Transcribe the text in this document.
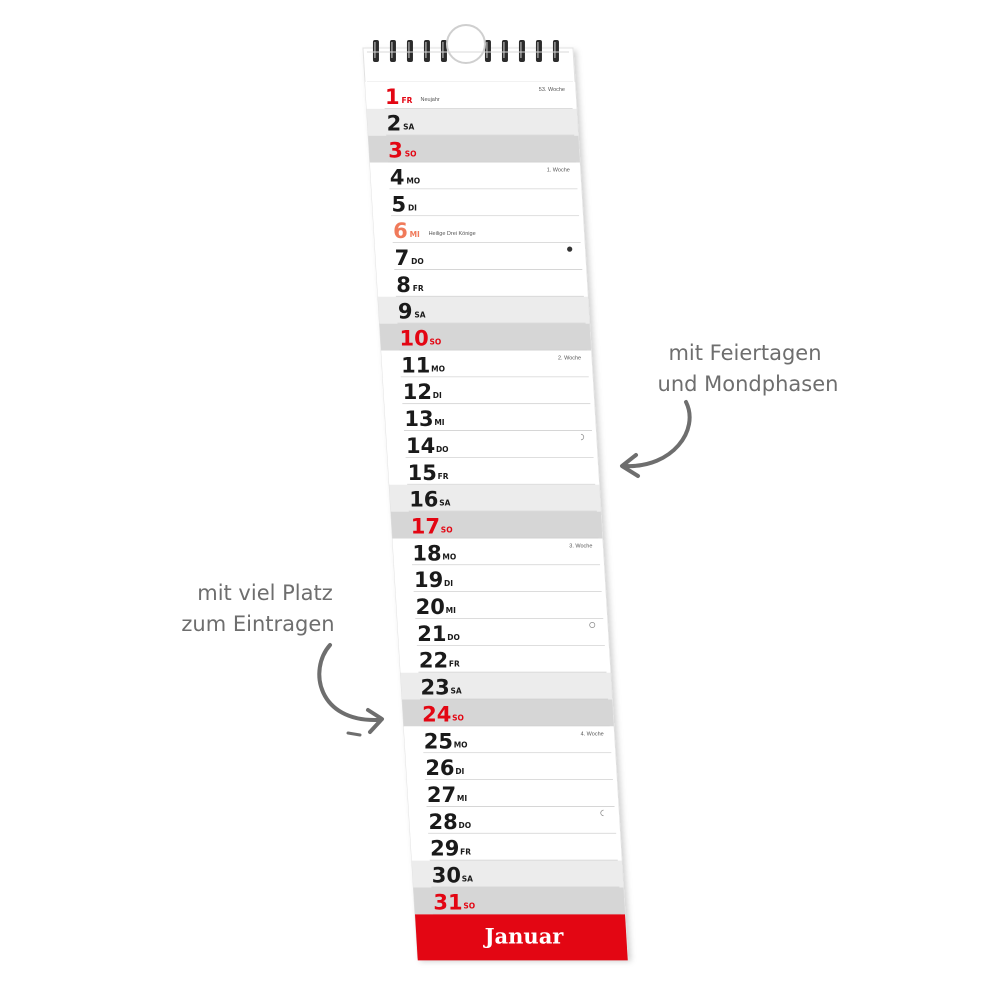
1 FR Neujahr
53. Woche
2 SA
3 SO
4 MO
1. Woche
5 DI
6 MI Heilige Drei Könige
7 DO
8 FR
9 SA
10 SO
11 MO
2. Woche
12 DI
13 MI
14 DO
15 FR
16 SA
17 SO
18 MO
3. Woche
19 DI
20 MI
21 DO
22 FR
23 SA
24 SO
25 MO
4. Woche
26 DI
27 MI
28 DO
29 FR
30 SA
31 SO
Januar
mit Feiertagen
und Mondphasen
mit viel Platz
zum Eintragen
